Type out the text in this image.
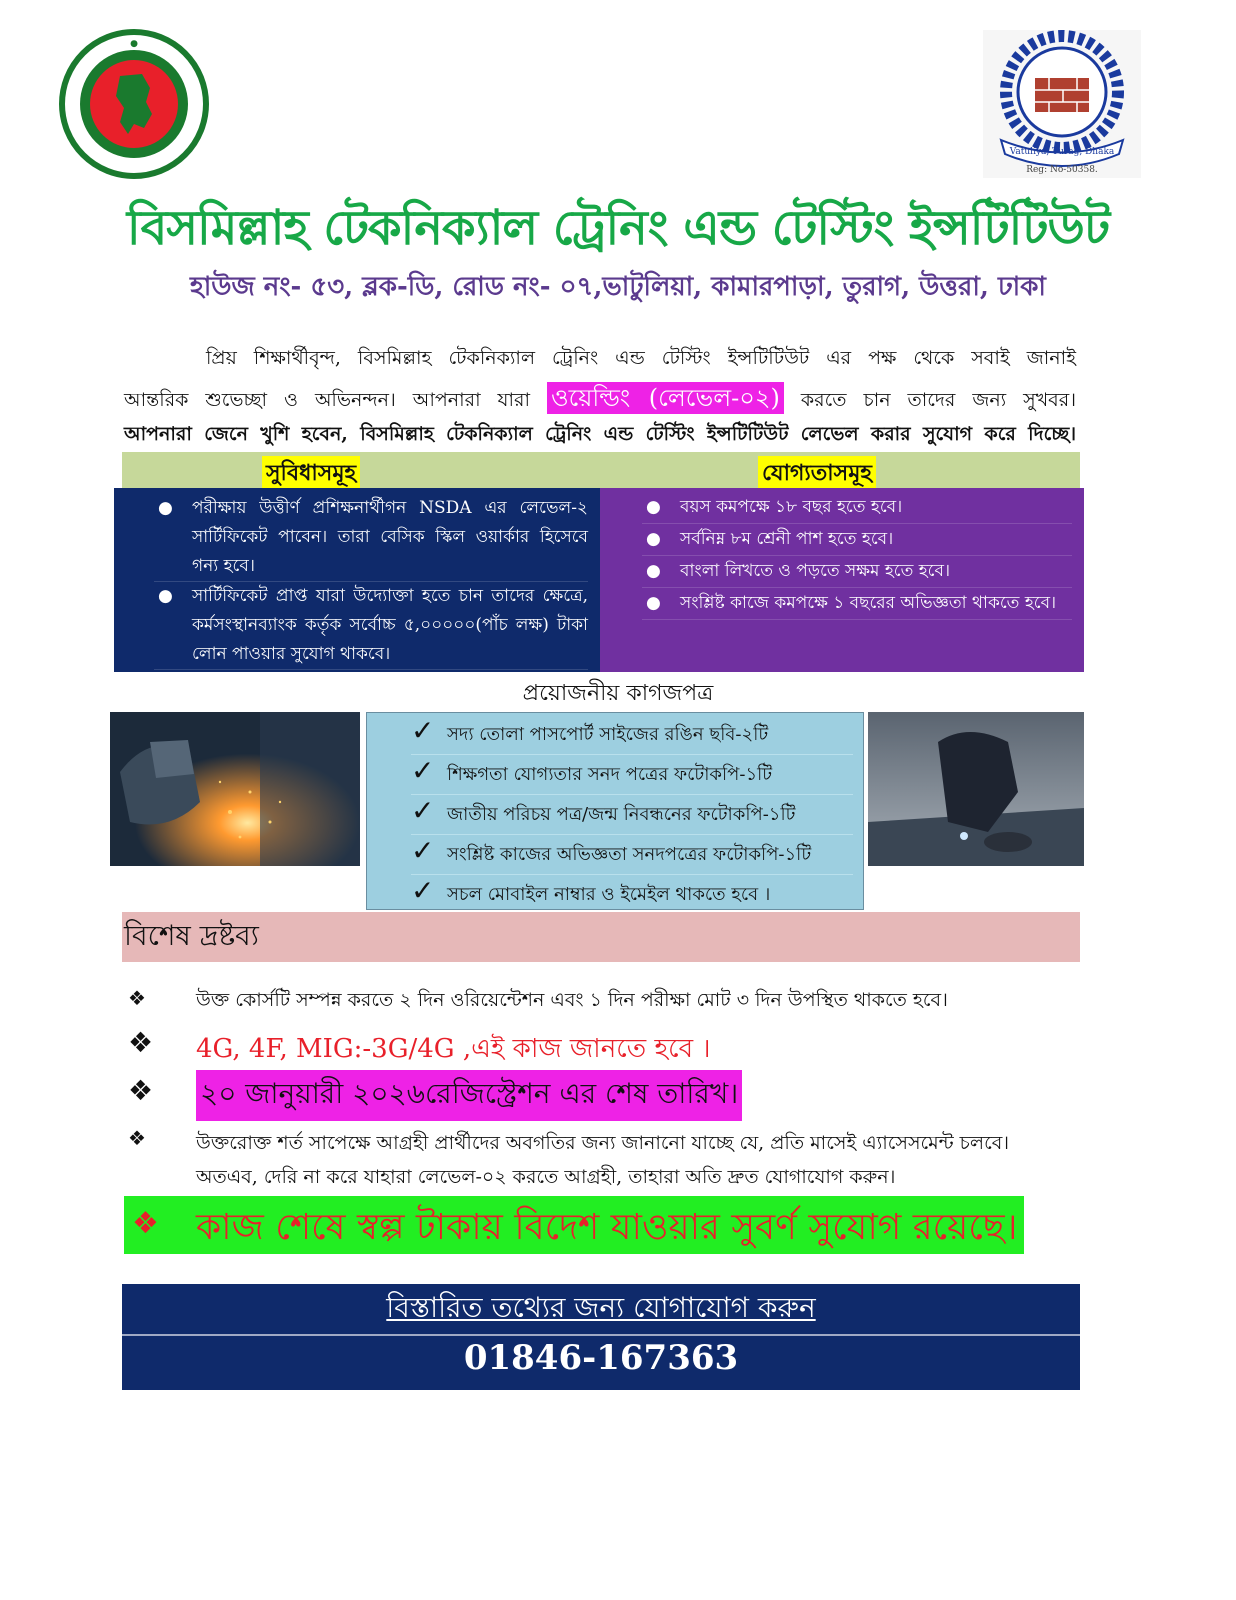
●
Vatuliya, Turag, Dhaka
Reg: No-50358.
বিসমিল্লাহ টেকনিক্যাল ট্রেনিং এন্ড টেস্টিং ইন্সটিটিউট
হাউজ নং- ৫৩, ব্লক-ডি, রোড নং- ০৭,ভাটুলিয়া, কামারপাড়া, তুরাগ, উত্তরা, ঢাকা
প্রিয় শিক্ষার্থীবৃন্দ, বিসমিল্লাহ টেকনিক্যাল ট্রেনিং এন্ড টেস্টিং ইন্সটিটিউট এর পক্ষ থেকে সবাই জানাই
আন্তরিক শুভেচ্ছা ও অভিনন্দন। আপনারা যারা ওয়েল্ডিং (লেভেল-০২) করতে চান তাদের জন্য সুখবর।
আপনারা জেনে খুশি হবেন, বিসমিল্লাহ টেকনিক্যাল ট্রেনিং এন্ড টেস্টিং ইন্সটিটিউট লেভেল করার সুযোগ করে দিচ্ছে।
সুবিধাসমূহ	যোগ্যতাসমূহ
● পরীক্ষায় উত্তীর্ণ প্রশিক্ষনার্থীগন NSDA এর লেভেল-২ সার্টিফিকেট পাবেন। তারা বেসিক স্কিল ওয়ার্কার হিসেবে গন্য হবে।
● সার্টিফিকেট প্রাপ্ত যারা উদ্যোক্তা হতে চান তাদের ক্ষেত্রে, কর্মসংস্থানব্যাংক কর্তৃক সর্বোচ্চ ৫,০০০০০(পাঁচ লক্ষ) টাকা লোন পাওয়ার সুযোগ থাকবে।
● বয়স কমপক্ষে ১৮ বছর হতে হবে।
● সর্বনিম্ন ৮ম শ্রেনী পাশ হতে হবে।
● বাংলা লিখতে ও পড়তে সক্ষম হতে হবে।
● সংশ্লিষ্ট কাজে কমপক্ষে ১ বছরের অভিজ্ঞতা থাকতে হবে।
প্রয়োজনীয় কাগজপত্র
✓ সদ্য তোলা পাসপোর্ট সাইজের রঙিন ছবি-২টি
✓ শিক্ষগতা যোগ্যতার সনদ পত্রের ফটোকপি-১টি
✓ জাতীয় পরিচয় পত্র/জন্ম নিবন্ধনের ফটোকপি-১টি
✓ সংশ্লিষ্ট কাজের অভিজ্ঞতা সনদপত্রের ফটোকপি-১টি
✓ সচল মোবাইল নাম্বার ও ইমেইল থাকতে হবে ।
বিশেষ দ্রষ্টব্য
❖	উক্ত কোর্সটি সম্পন্ন করতে ২ দিন ওরিয়েন্টেশন এবং ১ দিন পরীক্ষা মোট ৩ দিন উপস্থিত থাকতে হবে।
❖ 4G, 4F, MIG:-3G/4G ,এই কাজ জানতে হবে ।
❖ ২০ জানুয়ারী ২০২৬রেজিস্ট্রেশন এর শেষ তারিখ।
❖	উক্তরোক্ত শর্ত সাপেক্ষে আগ্রহী প্রার্থীদের অবগতির জন্য জানানো যাচ্ছে যে, প্রতি মাসেই এ্যাসেসমেন্ট চলবে। অতএব, দেরি না করে যাহারা লেভেল-০২ করতে আগ্রহী, তাহারা অতি দ্রুত যোগাযোগ করুন।
❖ কাজ শেষে স্বল্প টাকায় বিদেশ যাওয়ার সুবর্ণ সুযোগ রয়েছে।
বিস্তারিত তথ্যের জন্য যোগাযোগ করুন
01846-167363
